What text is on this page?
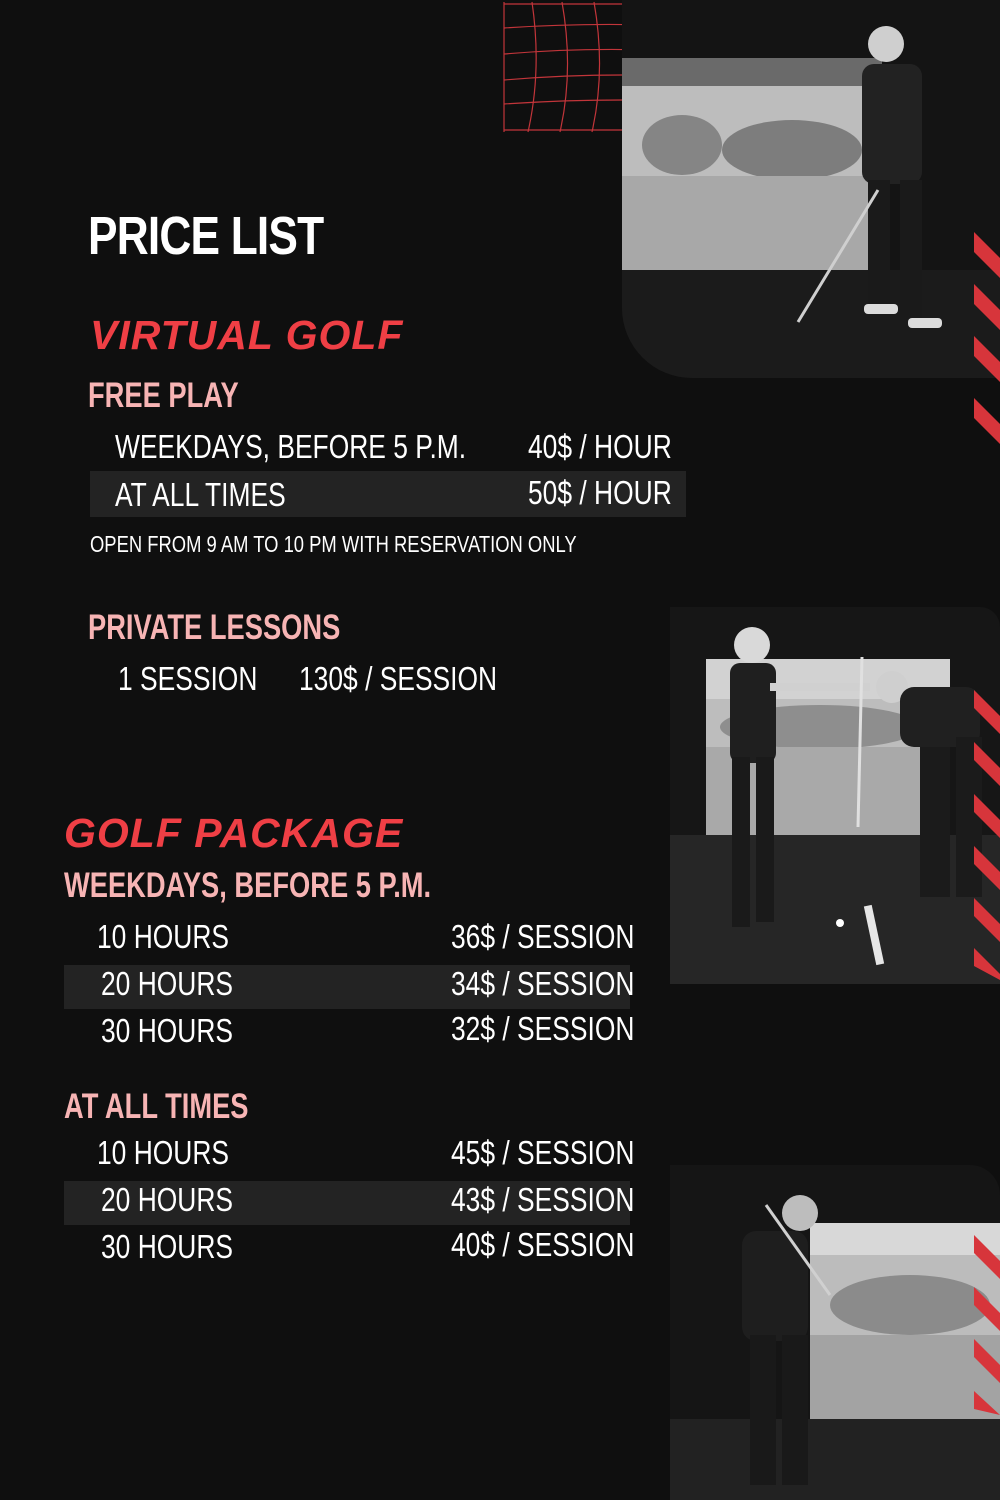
PRICE LIST
VIRTUAL GOLF
FREE PLAY
WEEKDAYS, BEFORE 5 P.M. 40$ / HOUR
AT ALL TIMES	50$ / HOUR
OPEN FROM 9 AM TO 10 PM WITH RESERVATION ONLY
PRIVATE LESSONS
1 SESSION 130$ / SESSION
GOLF PACKAGE
WEEKDAYS, BEFORE 5 P.M.
10 HOURS	36$ / SESSION
20 HOURS	34$ / SESSION
30 HOURS	32$ / SESSION
AT ALL TIMES
10 HOURS	45$ / SESSION
20 HOURS	43$ / SESSION
30 HOURS	40$ / SESSION
